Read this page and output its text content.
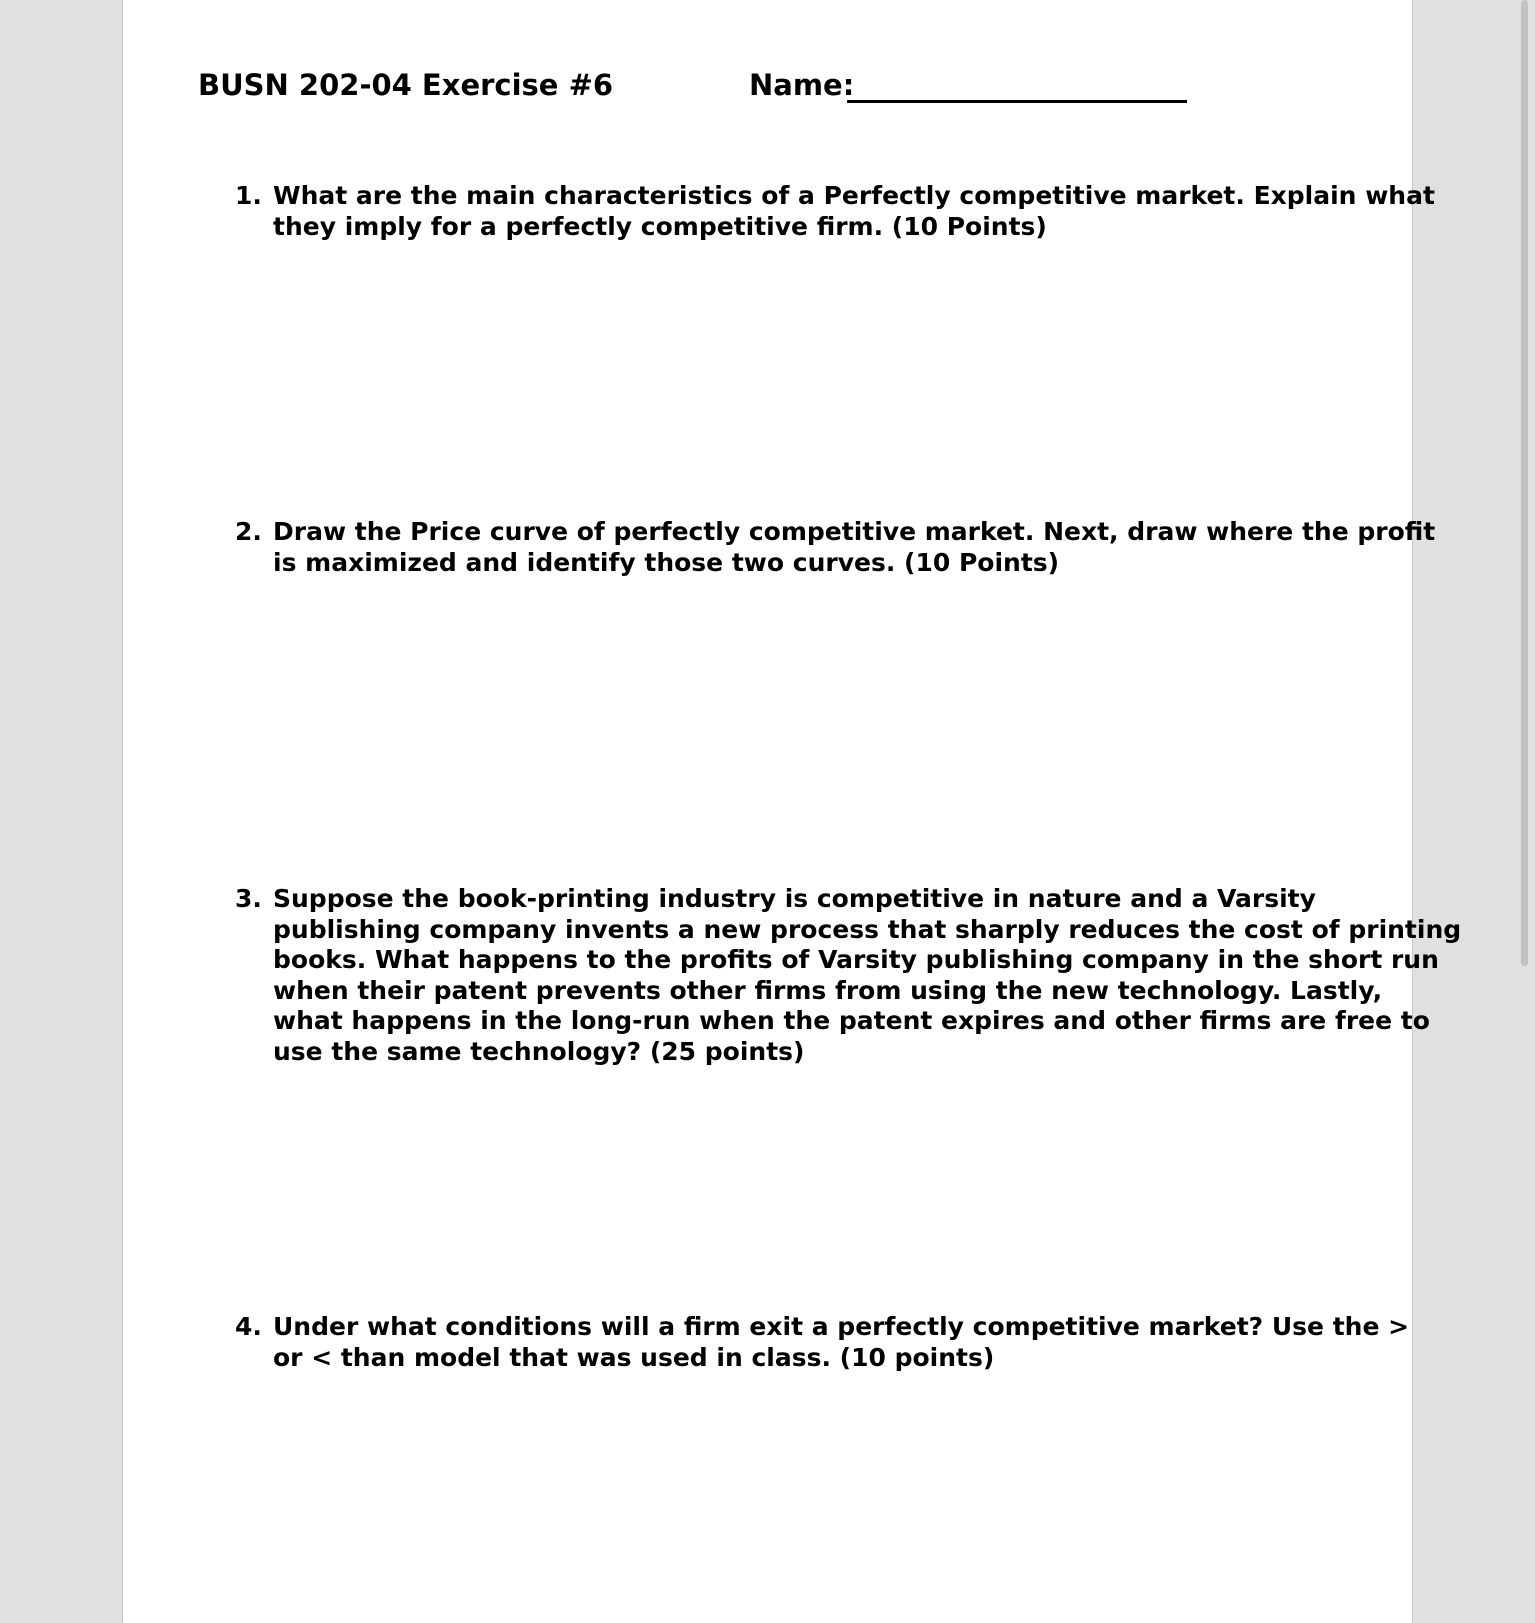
BUSN 202-04 Exercise #6	Name:
1. What are the main characteristics of a Perfectly competitive market. Explain what
they imply for a perfectly competitive firm. (10 Points)
2. Draw the Price curve of perfectly competitive market. Next, draw where the profit
is maximized and identify those two curves. (10 Points)
3. Suppose the book-printing industry is competitive in nature and a Varsity
publishing company invents a new process that sharply reduces the cost of printing
books. What happens to the profits of Varsity publishing company in the short run
when their patent prevents other firms from using the new technology. Lastly,
what happens in the long-run when the patent expires and other firms are free to
use the same technology? (25 points)
4. Under what conditions will a firm exit a perfectly competitive market? Use the >
or < than model that was used in class. (10 points)
